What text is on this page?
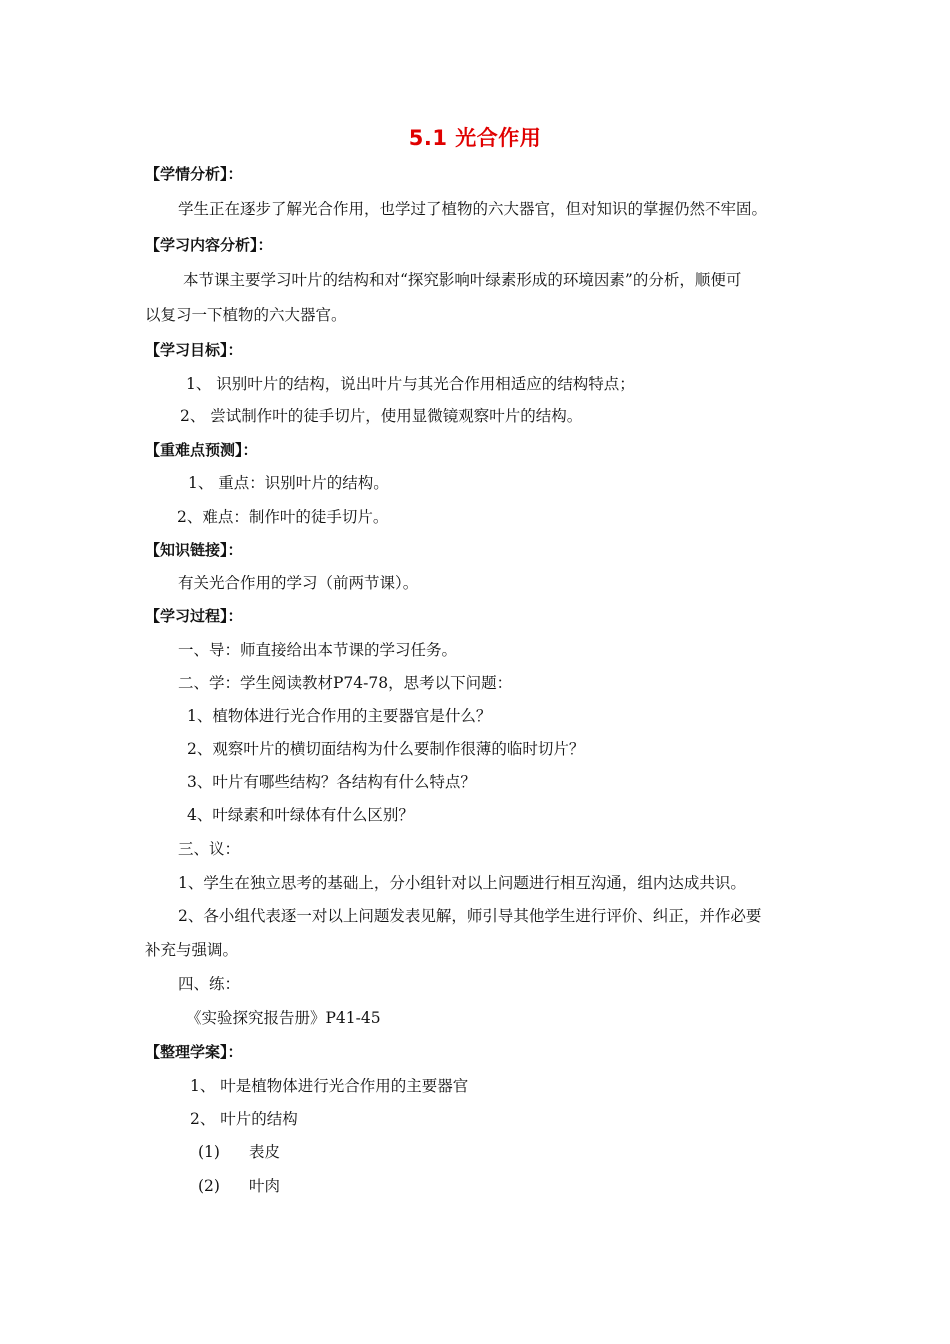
5.1 光合作用
【学情分析】：
学生正在逐步了解光合作用，也学过了植物的六大器官，但对知识的掌握仍然不牢固。
【学习内容分析】：
本节课主要学习叶片的结构和对“探究影响叶绿素形成的环境因素”的分析，顺便可
以复习一下植物的六大器官。
【学习目标】：
1、 识别叶片的结构，说出叶片与其光合作用相适应的结构特点；
2、 尝试制作叶的徒手切片，使用显微镜观察叶片的结构。
【重难点预测】：
1、 重点：识别叶片的结构。
2、难点：制作叶的徒手切片。
【知识链接】：
有关光合作用的学习（前两节课）。
【学习过程】：
一、导：师直接给出本节课的学习任务。
二、学：学生阅读教材P74-78，思考以下问题：
1、植物体进行光合作用的主要器官是什么？
2、观察叶片的横切面结构为什么要制作很薄的临时切片？
3、叶片有哪些结构？各结构有什么特点？
4、叶绿素和叶绿体有什么区别？
三、议：
1、学生在独立思考的基础上，分小组针对以上问题进行相互沟通，组内达成共识。
2、各小组代表逐一对以上问题发表见解，师引导其他学生进行评价、纠正，并作必要
补充与强调。
四、练：
《实验探究报告册》P41-45
【整理学案】：
1、 叶是植物体进行光合作用的主要器官
2、 叶片的结构
(1) 表皮
(2) 叶肉
